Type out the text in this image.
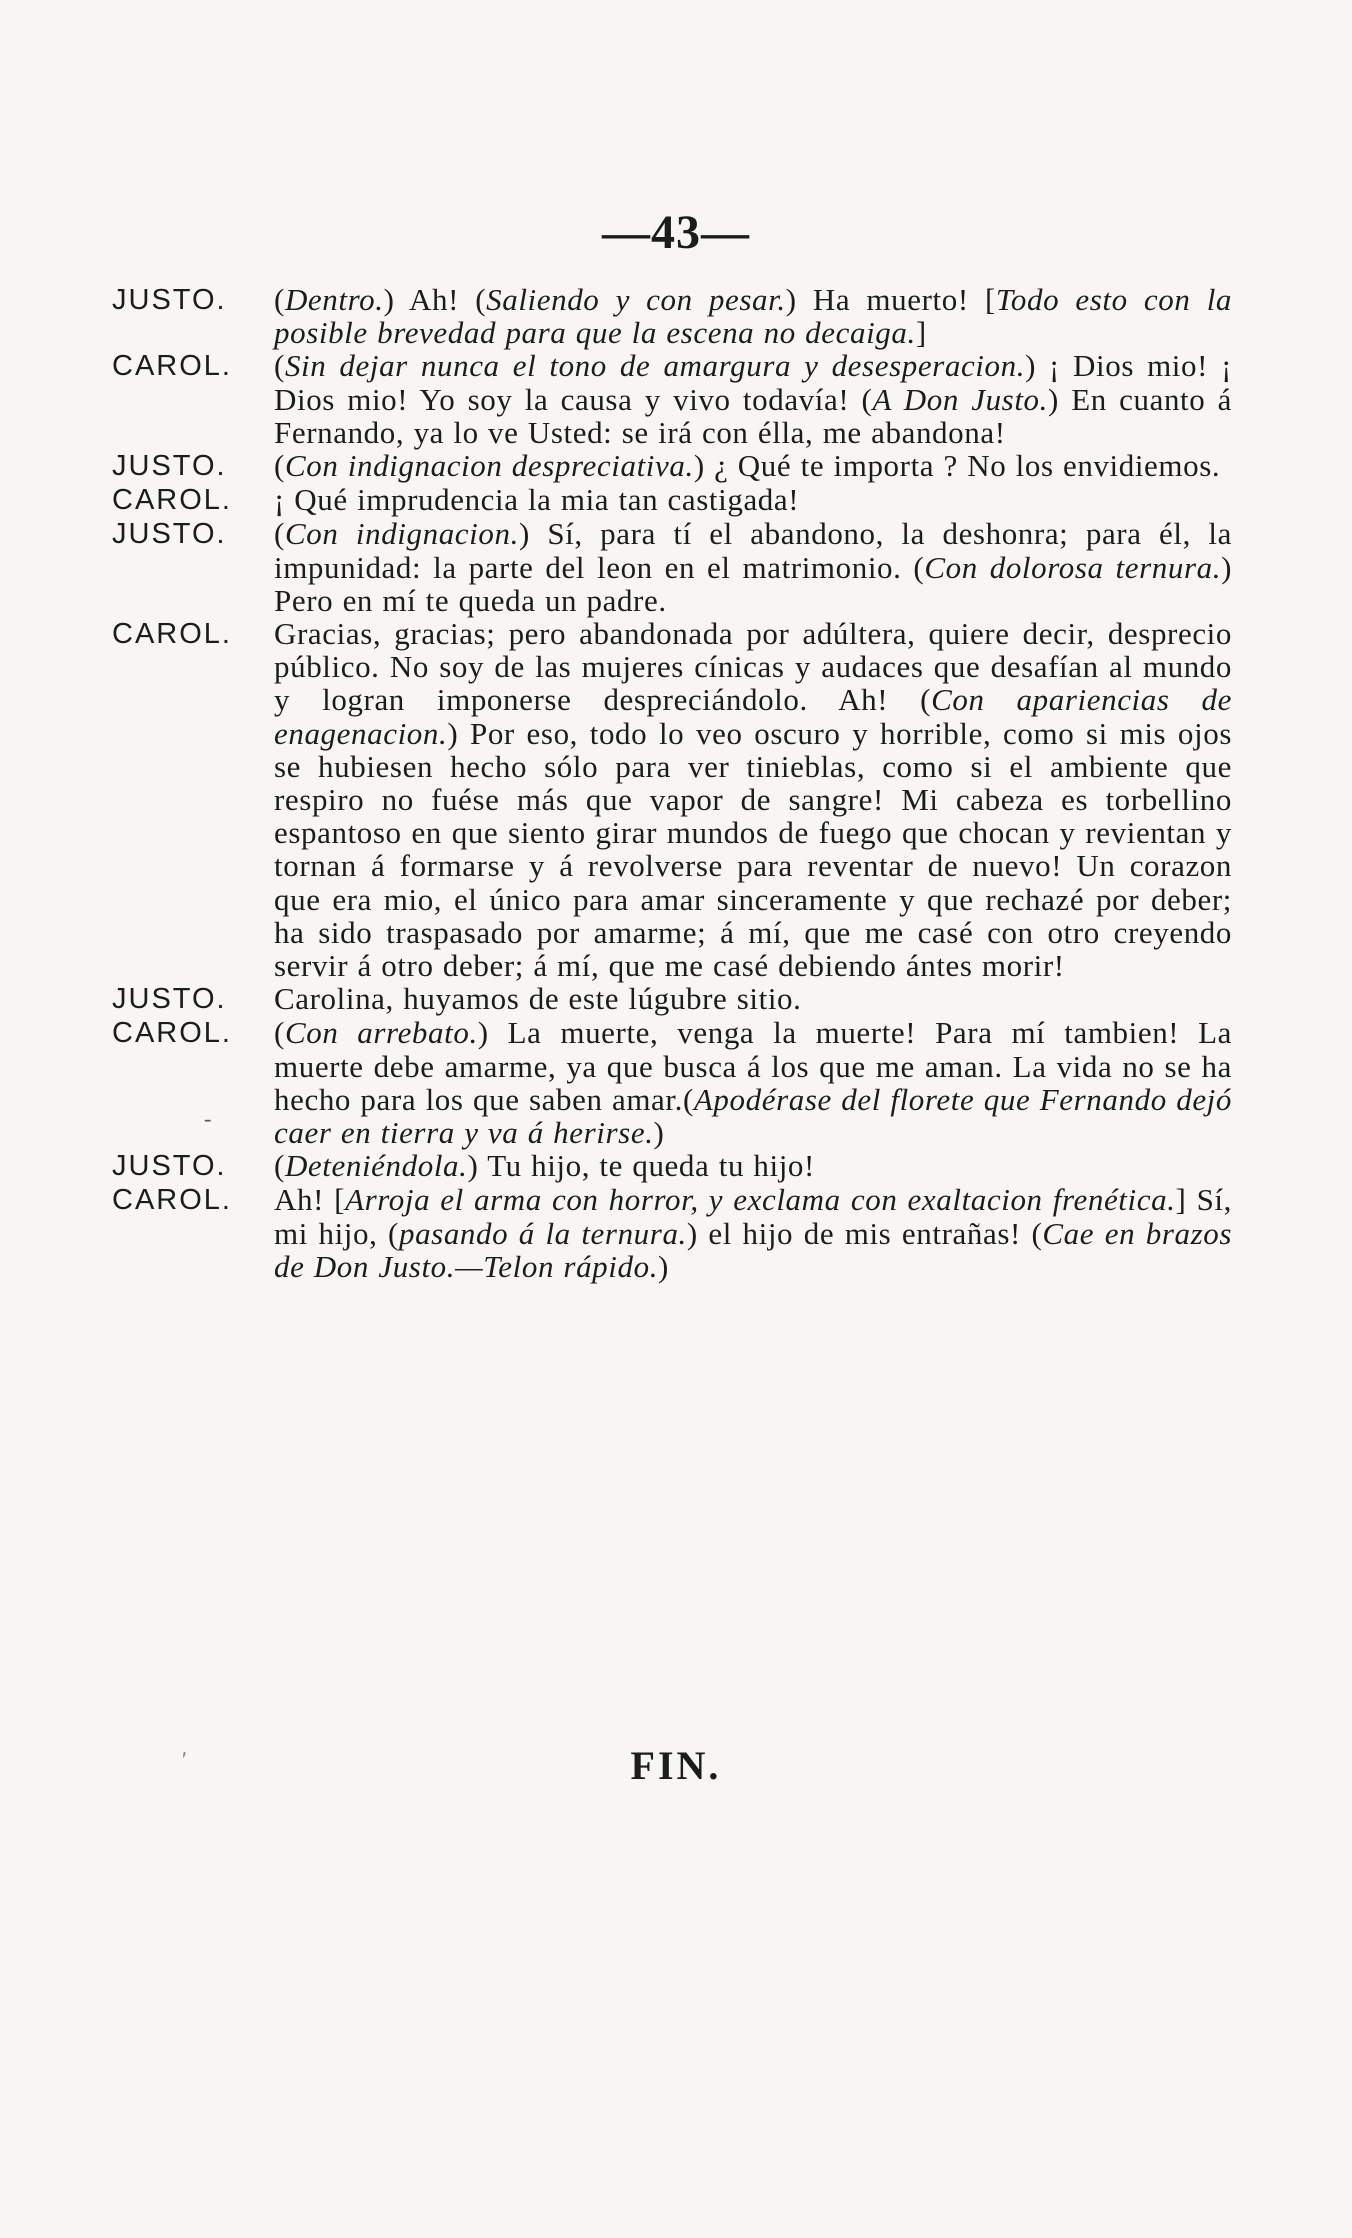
—43—
JUSTO.	(Dentro.) Ah! (Saliendo y con pesar.) Ha muerto! [Todo esto con la posible brevedad para que la escena no decaiga.]
CAROL.	(Sin dejar nunca el tono de amargura y desesperacion.) ¡ Dios mio! ¡ Dios mio! Yo soy la causa y vivo todavía! (A Don Justo.) En cuanto á Fernando, ya lo ve Usted: se irá con élla, me abandona!
JUSTO.	(Con indignacion despreciativa.) ¿ Qué te importa ? No los envidiemos.
CAROL.	¡ Qué imprudencia la mia tan castigada!
JUSTO.	(Con indignacion.) Sí, para tí el abandono, la deshonra; para él, la impunidad: la parte del leon en el matrimonio. (Con dolorosa ternura.) Pero en mí te queda un padre.
CAROL.	Gracias, gracias; pero abandonada por adúltera, quiere decir, desprecio público. No soy de las mujeres cínicas y audaces que desafían al mundo y logran imponerse despreciándolo. Ah! (Con apariencias de enagenacion.) Por eso, todo lo veo oscuro y horrible, como si mis ojos se hubiesen hecho sólo para ver tinieblas, como si el ambiente que respiro no fuése más que vapor de sangre! Mi cabeza es torbellino espantoso en que siento girar mundos de fuego que chocan y revientan y tornan á formarse y á revolverse para reventar de nuevo! Un corazon que era mio, el único para amar sinceramente y que rechazé por deber; ha sido traspasado por amarme; á mí, que me casé con otro creyendo servir á otro deber; á mí, que me casé debiendo ántes morir!
JUSTO.	Carolina, huyamos de este lúgubre sitio.
CAROL.	(Con arrebato.) La muerte, venga la muerte! Para mí tambien! La muerte debe amarme, ya que busca á los que me aman. La vida no se ha hecho para los que saben amar.(Apodérase del florete que Fernando dejó caer en tierra y va á herirse.)
JUSTO.	(Deteniéndola.) Tu hijo, te queda tu hijo!
CAROL.	Ah! [Arroja el arma con horror, y exclama con exaltacion frenética.] Sí, mi hijo, (pasando á la ternura.) el hijo de mis entrañas! (Cae en brazos de Don Justo.—Telon rápido.)
-
ʹ	FIN.
